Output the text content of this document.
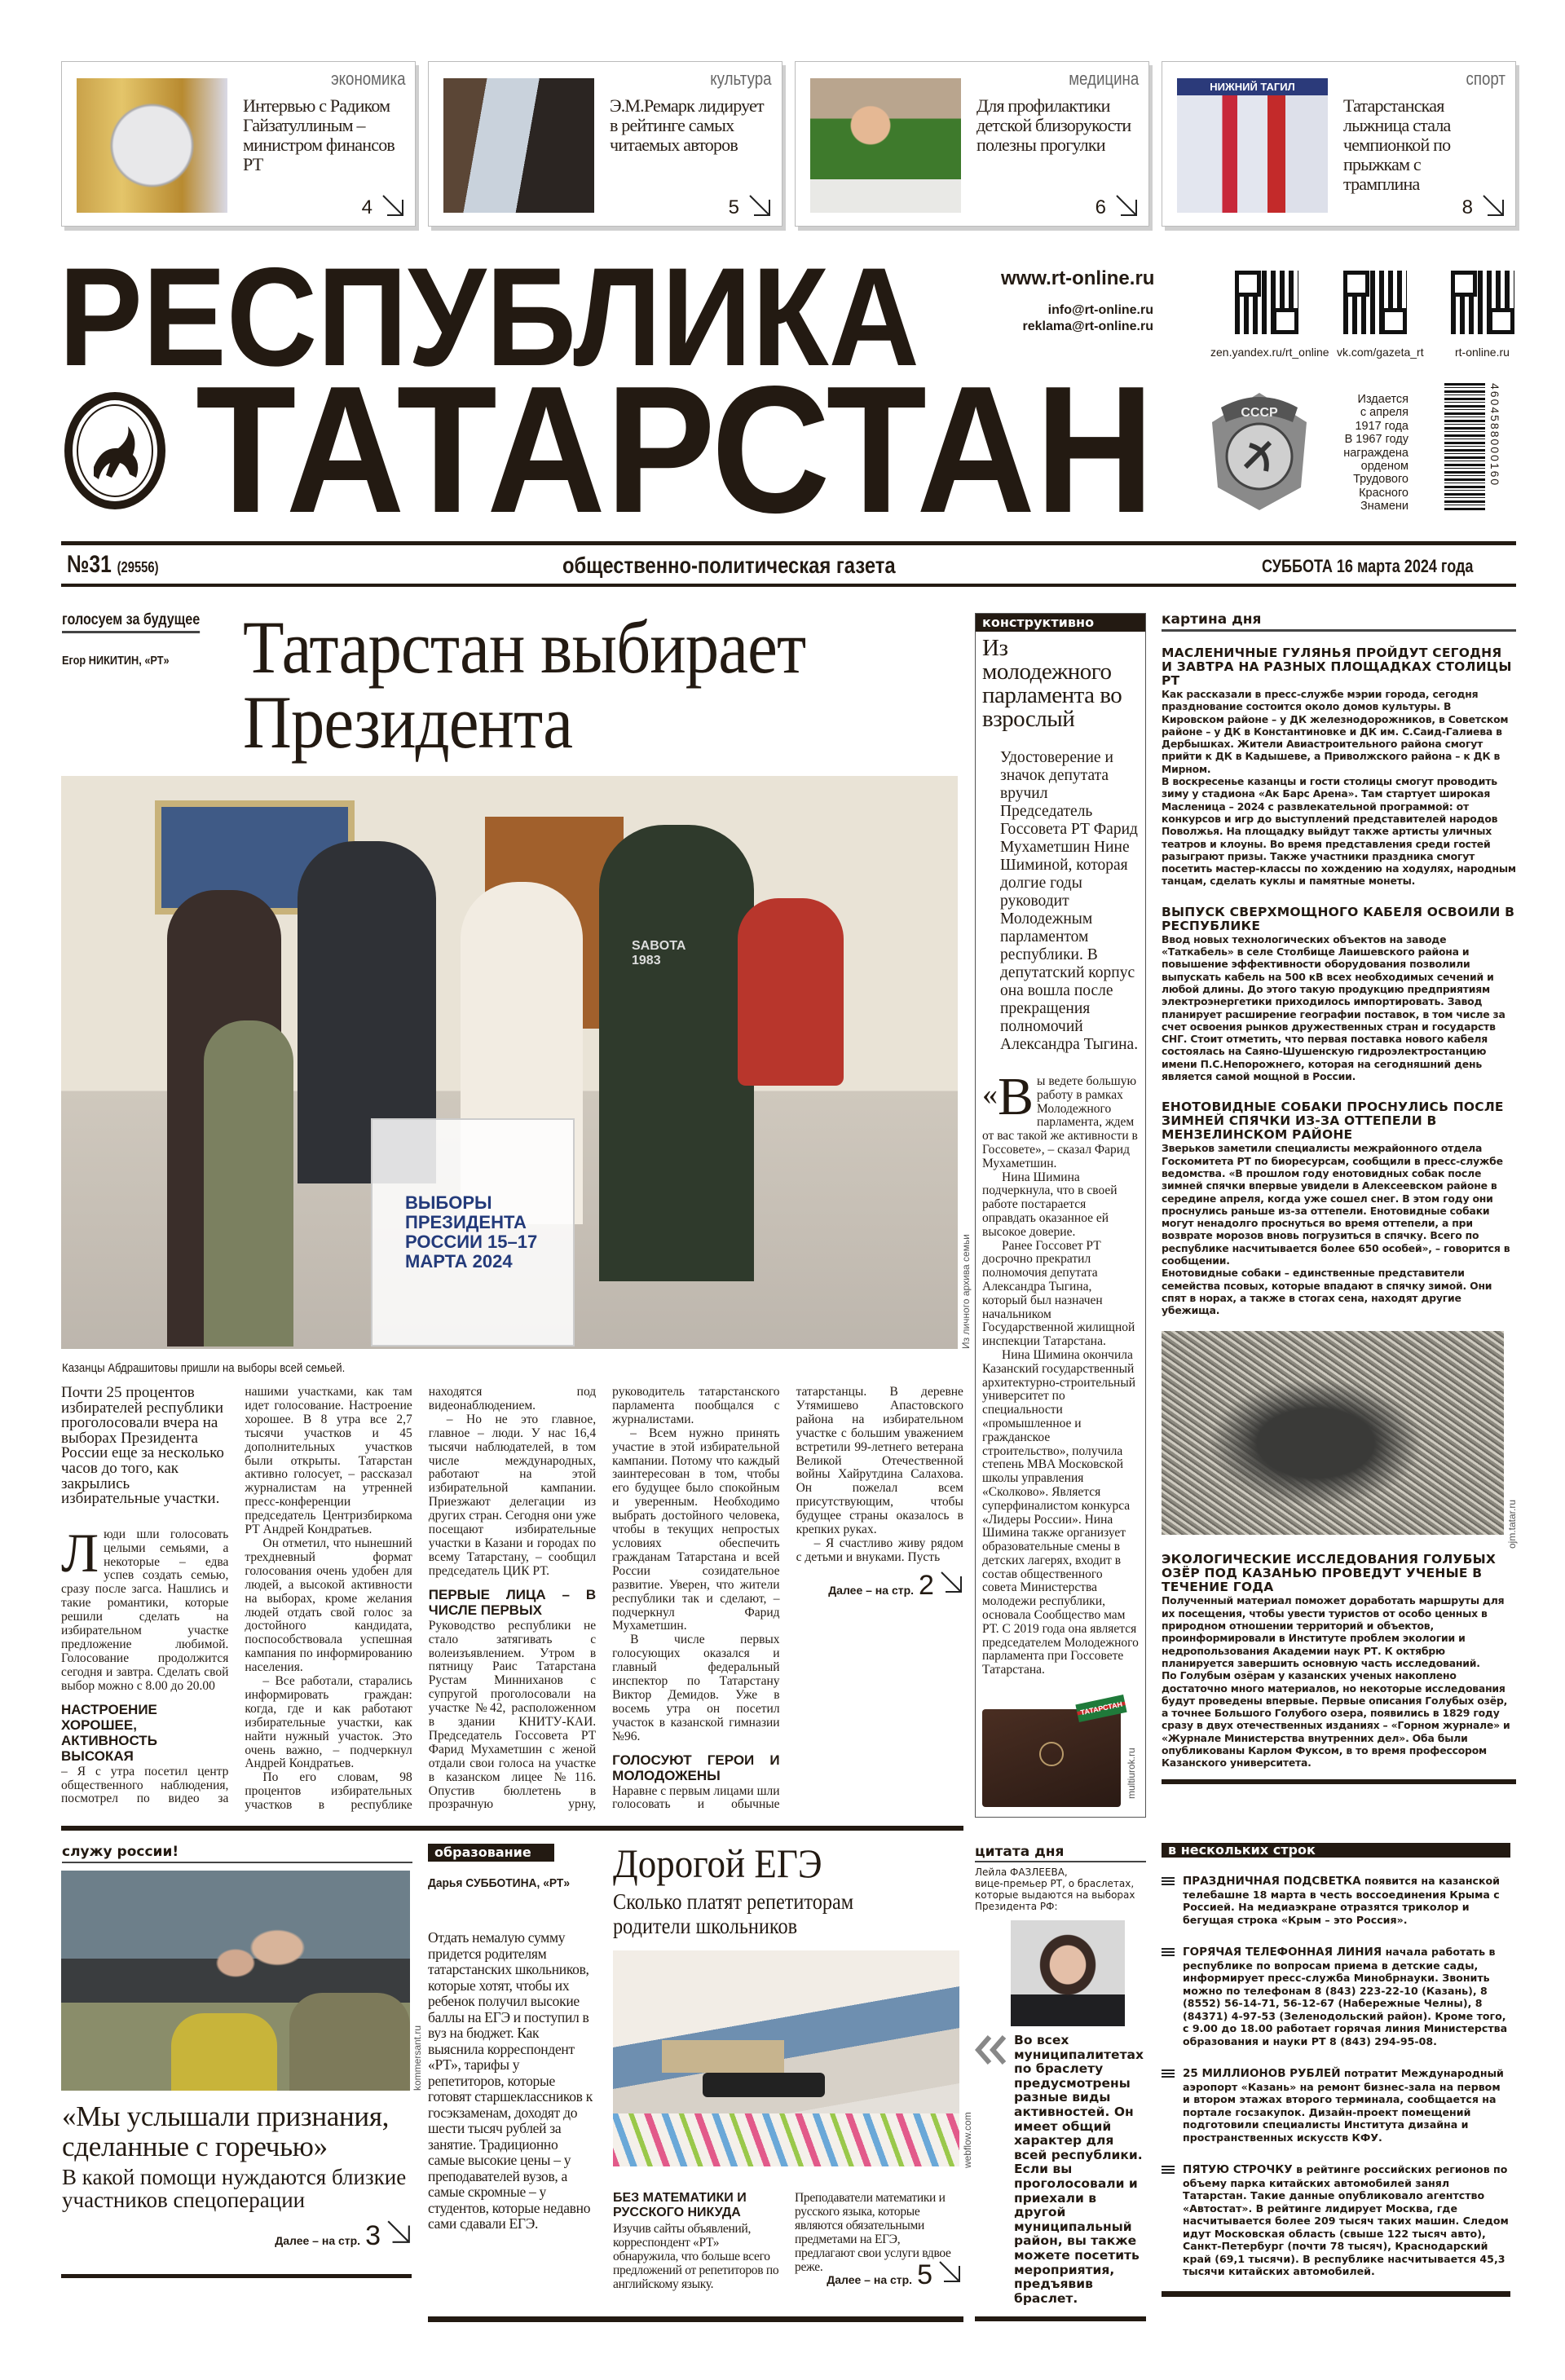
экономика
Интервью с Радиком Гайзатуллиным – министром финансов РТ
4
культура
Э.М.Ремарк лидирует в рейтинге самых читаемых авторов
5
медицина
Для профилактики детской близорукости полезны прогулки
6
НИЖНИЙ ТАГИЛ	спорт
Татарстанская лыжница стала чемпионкой по прыжкам с трамплина
8
РЕСПУБЛИКА
ТАТАРСТАН
www.rt-online.ru
info@rt-online.ru
reklama@rt-online.ru
zen.yandex.ru/rt_online vk.com/gazeta_rt	rt-online.ru
СССР
Издается
с апреля
1917 года
В 1967 году
награждена
орденом
Трудового
Красного
Знамени
4604588000160
№31 (29556)	общественно-политическая газета	СУББОТА 16 марта 2024 года
голосуем за будущее
Егор НИКИТИН, «РТ» Татарстан выбирает Президента
SABOTA 1983
ВЫБОРЫ ПРЕЗИДЕНТА РОССИИ 15–17 МАРТА 2024	Из личного архива семьи
Казанцы Абдрашитовы пришли на выборы всей семьей.

Почти 25 процентов избирателей республики проголосовали вчера на выборах Президента России еще за несколько часов до того, как закрылись избирательные участки.

Люди шли голосовать целыми семьями, а некоторые – едва успев создать семью, сразу после загса. Нашлись и такие романтики, которые решили сделать на избирательном участке предложение любимой. Голосование продолжится сегодня и завтра. Сделать свой выбор можно с 8.00 до 20.00

НАСТРОЕНИЕ ХОРОШЕЕ, АКТИВНОСТЬ ВЫСОКАЯ

– Я с утра посетил центр общественного наблюдения, посмотрел по видео за нашими участками, как там идет голосование. Настроение хорошее. В 8 утра все 2,7 тысячи участков и 45 дополнительных участков были открыты. Татарстан активно голосует, – рассказал журналистам на утренней пресс-конференции председатель Центризбиркома РТ Андрей Кондратьев.

Он отметил, что нынешний трехдневный формат голосования очень удобен для людей, а высокой активности на выборах, кроме желания людей отдать свой голос за достойного кандидата, поспособствовала успешная кампания по информированию населения.

– Все работали, старались информировать граждан: когда, где и как работают избирательные участки, как найти нужный участок. Это очень важно, – подчеркнул Андрей Кондратьев.

По его словам, 98 процентов избирательных участков в республике находятся под видеонаблюдением.

– Но не это главное, главное – люди. У нас 16,4 тысячи наблюдателей, в том числе международных, работают на этой избирательной кампании. Приезжают делегации из других стран. Сегодня они уже посещают избирательные участки в Казани и городах по всему Татарстану, – сообщил председатель ЦИК РТ.

ПЕРВЫЕ ЛИЦА – В ЧИСЛЕ ПЕРВЫХ

Руководство республики не стало затягивать с волеизъявлением. Утром в пятницу Раис Татарстана Рустам Минниханов с супругой проголосовали на участке №42, расположенном в здании КНИТУ-КАИ. Председатель Госсовета РТ Фарид Мухаметшин с женой отдали свои голоса на участке в казанском лицее №116. Опустив бюллетень в прозрачную урну, руководитель татарстанского парламента пообщался с журналистами.

– Всем нужно принять участие в этой избирательной кампании. Потому что каждый заинтересован в том, чтобы его будущее было спокойным и уверенным. Необходимо выбрать достойного человека, чтобы в текущих непростых условиях обеспечить гражданам Татарстана и всей России созидательное развитие. Уверен, что жители республики так и сделают, – подчеркнул Фарид Мухаметшин.

В числе первых голосующих оказался и главный федеральный инспектор по Татарстану Виктор Демидов. Уже в восемь утра он посетил участок в казанской гимназии №96.

ГОЛОСУЮТ ГЕРОИ И МОЛОДОЖЕНЫ

Наравне с первым лицами шли голосовать и обычные татарстанцы. В деревне Утямишево Апастовского района на избирательном участке с большим уважением встретили 99-летнего ветерана Великой Отечественной войны Хайрутдина Салахова. Он пожелал всем присутствующим, чтобы будущее страны оказалось в крепких руках.

– Я счастливо живу рядом с детьми и внуками. Пусть

Далее – на стр. 2
конструктивно
Из молодежного парламента во взрослый
Удостоверение и значок депутата вручил Председатель Госсовета РТ Фарид Мухаметшин Нине Шиминой, которая долгие годы руководит Молодежным парламентом республики. В депутатский корпус она вошла после прекращения полномочий Александра Тыгина.

« В ы ведете большую работу в рамках Молодежного парламента, ждем от вас такой же активности в Госсовете», – сказал Фарид Мухаметшин.

Нина Шимина подчеркнула, что в своей работе постарается оправдать оказанное ей высокое доверие.

Ранее Госсовет РТ досрочно прекратил полномочия депутата Александра Тыгина, который был назначен начальником Государственной жилищной инспекции Татарстана.

Нина Шимина окончила Казанский государственный архитектурно-строительный университет по специальности «промышленное и гражданское строительство», получила степень MBA Московской школы управления «Сколково». Является суперфиналистом конкурса «Лидеры России». Нина Шимина также организует образовательные смены в детских лагерях, входит в состав общественного совета Министерства молодежи республики, основала Сообщество мам РТ. С 2019 года она является председателем Молодежного парламента при Госсовете Татарстана.

ТАТАРСТАН
multiurok.ru
картина дня
МАСЛЕНИЧНЫЕ ГУЛЯНЬЯ ПРОЙДУТ СЕГОДНЯ И ЗАВТРА НА РАЗНЫХ ПЛОЩАДКАХ СТОЛИЦЫ РТ

Как рассказали в пресс-службе мэрии города, сегодня празднование состоится около домов культуры. В Кировском районе – у ДК железнодорожников, в Советском районе – у ДК в Константиновке и ДК им. С.Саид-Галиева в Дербышках. Жители Авиастроительного района смогут прийти к ДК в Кадышеве, а Приволжского района – к ДК в Мирном.

В воскресенье казанцы и гости столицы смогут проводить зиму у стадиона «Ак Барс Арена». Там стартует широкая Масленица – 2024 с развлекательной программой: от конкурсов и игр до выступлений представителей народов Поволжья. На площадку выйдут также артисты уличных театров и клоуны. Во время представления среди гостей разыграют призы. Также участники праздника смогут посетить мастер-классы по хождению на ходулях, народным танцам, сделать куклы и памятные монеты.

ВЫПУСК СВЕРХМОЩНОГО КАБЕЛЯ ОСВОИЛИ В РЕСПУБЛИКЕ

Ввод новых технологических объектов на заводе «Таткабель» в селе Столбище Лаишевского района и повышение эффективности оборудования позволили выпускать кабель на 500 кВ всех необходимых сечений и любой длины. До этого такую продукцию предприятиям электроэнергетики приходилось импортировать. Завод планирует расширение географии поставок, в том числе за счет освоения рынков дружественных стран и государств СНГ. Стоит отметить, что первая поставка нового кабеля состоялась на Саяно-Шушенскую гидроэлектростанцию имени П.С.Непорожнего, которая на сегодняшний день является самой мощной в России.

ЕНОТОВИДНЫЕ СОБАКИ ПРОСНУЛИСЬ ПОСЛЕ ЗИМНЕЙ СПЯЧКИ ИЗ-ЗА ОТТЕПЕЛИ В МЕНЗЕЛИНСКОМ РАЙОНЕ

Зверьков заметили специалисты межрайонного отдела Госкомитета РТ по биоресурсам, сообщили в пресс-службе ведомства. «В прошлом году енотовидных собак после зимней спячки впервые увидели в Алексеевском районе в середине апреля, когда уже сошел снег. В этом году они проснулись раньше из-за оттепели. Енотовидные собаки могут ненадолго проснуться во время оттепели, а при возврате морозов вновь погрузиться в спячку. Всего по республике насчитывается более 650 особей», – говорится в сообщении.

Енотовидные собаки – единственные представители семейства псовых, которые впадают в спячку зимой. Они спят в норах, а также в стогах сена, находят другие убежища.

ЭКОЛОГИЧЕСКИЕ ИССЛЕДОВАНИЯ ГОЛУБЫХ ОЗЁР ПОД КАЗАНЬЮ ПРОВЕДУТ УЧЕНЫЕ В ТЕЧЕНИЕ ГОДА

Полученный материал поможет доработать маршруты для их посещения, чтобы увести туристов от особо ценных в природном отношении территорий и объектов, проинформировали в Институте проблем экологии и недропользования Академии наук РТ. К октябрю планируется завершить основную часть исследований.

По Голубым озёрам у казанских ученых накоплено достаточно много материалов, но некоторые исследования будут проведены впервые. Первые описания Голубых озёр, а точнее Большого Голубого озера, появились в 1829 году сразу в двух отечественных изданиях – «Горном журнале» и «Журнале Министерства внутренних дел». Оба были опубликованы Карлом Фуксом, в то время профессором Казанского университета.

ojm.tatar.ru
служу россии!
kommersant.ru
«Мы услышали признания, сделанные с горечью»
В какой помощи нуждаются близкие участников спецоперации
Далее – на стр. 3
образование
Дарья СУББОТИНА, «РТ»
Отдать немалую сумму придется родителям татарстанских школьников, которые хотят, чтобы их ребенок получил высокие баллы на ЕГЭ и поступил в вуз на бюджет. Как выяснила корреспондент «РТ», тарифы у репетиторов, которые готовят старшеклассников к госэкзаменам, доходят до шести тысяч рублей за занятие. Традиционно самые высокие цены – у преподавателей вузов, а самые скромные – у студентов, которые недавно сами сдавали ЕГЭ.
Дорогой ЕГЭ
Сколько платят репетиторам родители школьников
webflow.com
БЕЗ МАТЕМАТИКИ И РУССКОГО НИКУДА
Изучив сайты объявлений, корреспондент «РТ» обнаружила, что больше всего предложений от репетиторов по английскому языку.
Преподаватели математики и русского языка, которые являются обязательными предметами на ЕГЭ, предлагают свои услуги вдвое реже.
Далее – на стр. 5
цитата дня
Лейла ФАЗЛЕЕВА,
вице-премьер РТ, о браслетах, которые выдаются на выборах Президента РФ:
Во всех муниципалитетах по браслету предусмотрены разные виды активностей. Он имеет общий характер для всей республики. Если вы проголосовали и приехали в другой муниципальный район, вы также можете посетить мероприятия, предъявив браслет.
в нескольких строк
ПРАЗДНИЧНАЯ ПОДСВЕТКА появится на казанской телебашне 18 марта в честь воссоединения Крыма с Россией. На медиаэкране отразятся триколор и бегущая строка «Крым – это Россия».
ГОРЯЧАЯ ТЕЛЕФОННАЯ ЛИНИЯ начала работать в республике по вопросам приема в детские сады, информирует пресс-служба Минобрнауки. Звонить можно по телефонам 8 (843) 223-22-10 (Казань), 8 (8552) 56-14-71, 56-12-67 (Набережные Челны), 8 (84371) 4-97-53 (Зеленодольский район). Кроме того, с 9.00 до 18.00 работает горячая линия Министерства образования и науки РТ 8 (843) 294-95-08.
25 МИЛЛИОНОВ РУБЛЕЙ потратит Международный аэропорт «Казань» на ремонт бизнес-зала на первом и втором этажах второго терминала, сообщается на портале госзакупок. Дизайн-проект помещений подготовили специалисты Института дизайна и пространственных искусств КФУ.
ПЯТУЮ СТРОЧКУ в рейтинге российских регионов по объему парка китайских автомобилей занял Татарстан. Такие данные опубликовало агентство «Автостат». В рейтинге лидирует Москва, где насчитывается более 209 тысяч таких машин. Следом идут Московская область (свыше 122 тысяч авто), Санкт-Петербург (почти 78 тысяч), Краснодарский край (69,1 тысячи). В республике насчитывается 45,3 тысячи китайских автомобилей.
